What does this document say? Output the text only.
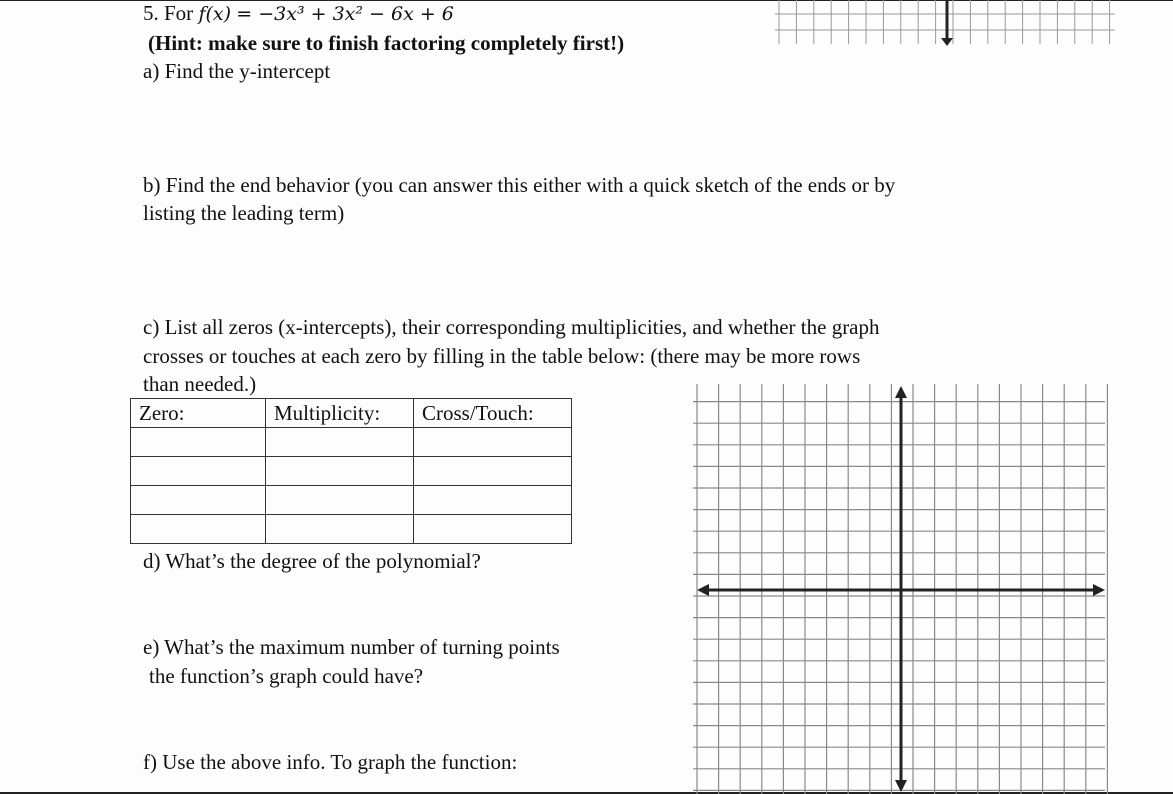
5. For f(x) = −3x³ + 3x² − 6x + 6
(Hint: make sure to finish factoring completely first!)
a) Find the y-intercept
b) Find the end behavior (you can answer this either with a quick sketch of the ends or by
listing the leading term)
c) List all zeros (x-intercepts), their corresponding multiplicities, and whether the graph
crosses or touches at each zero by filling in the table below: (there may be more rows
than needed.)
Zero:	Multiplicity:	Cross/Touch:

d) What’s the degree of the polynomial?
e) What’s the maximum number of turning points
the function’s graph could have?
f) Use the above info. To graph the function:
